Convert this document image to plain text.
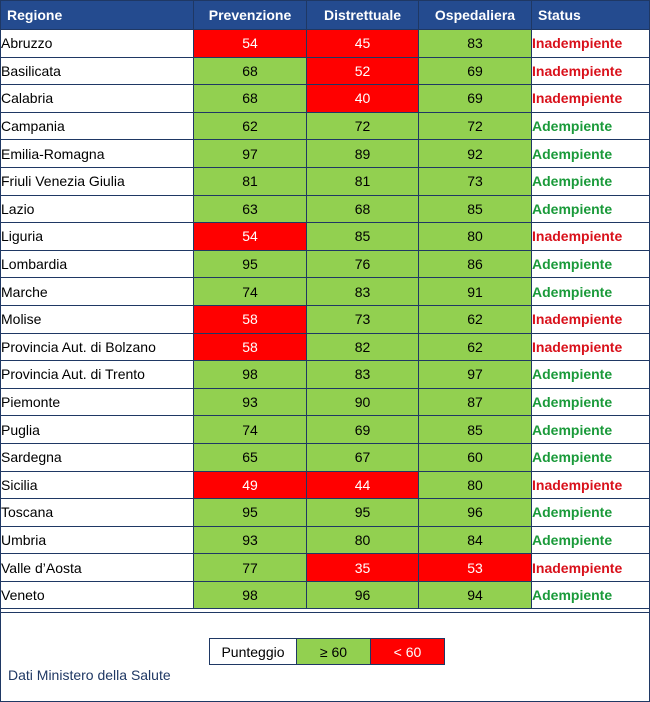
Regione	Prevenzione	Distrettuale	Ospedaliera	Status
Abruzzo	54	45	83	Inadempiente
Basilicata	68	52	69	Inadempiente
Calabria	68	40	69	Inadempiente
Campania	62	72	72	Adempiente
Emilia-Romagna	97	89	92	Adempiente
Friuli Venezia Giulia	81	81	73	Adempiente
Lazio	63	68	85	Adempiente
Liguria	54	85	80	Inadempiente
Lombardia	95	76	86	Adempiente
Marche	74	83	91	Adempiente
Molise	58	73	62	Inadempiente
Provincia Aut. di Bolzano	58	82	62	Inadempiente
Provincia Aut. di Trento	98	83	97	Adempiente
Piemonte	93	90	87	Adempiente
Puglia	74	69	85	Adempiente
Sardegna	65	67	60	Adempiente
Sicilia	49	44	80	Inadempiente
Toscana	95	95	96	Adempiente
Umbria	93	80	84	Adempiente
Valle d’Aosta	77	35	53	Inadempiente
Veneto	98	96	94	Adempiente
Punteggio	≥ 60	< 60
Dati Ministero della Salute
